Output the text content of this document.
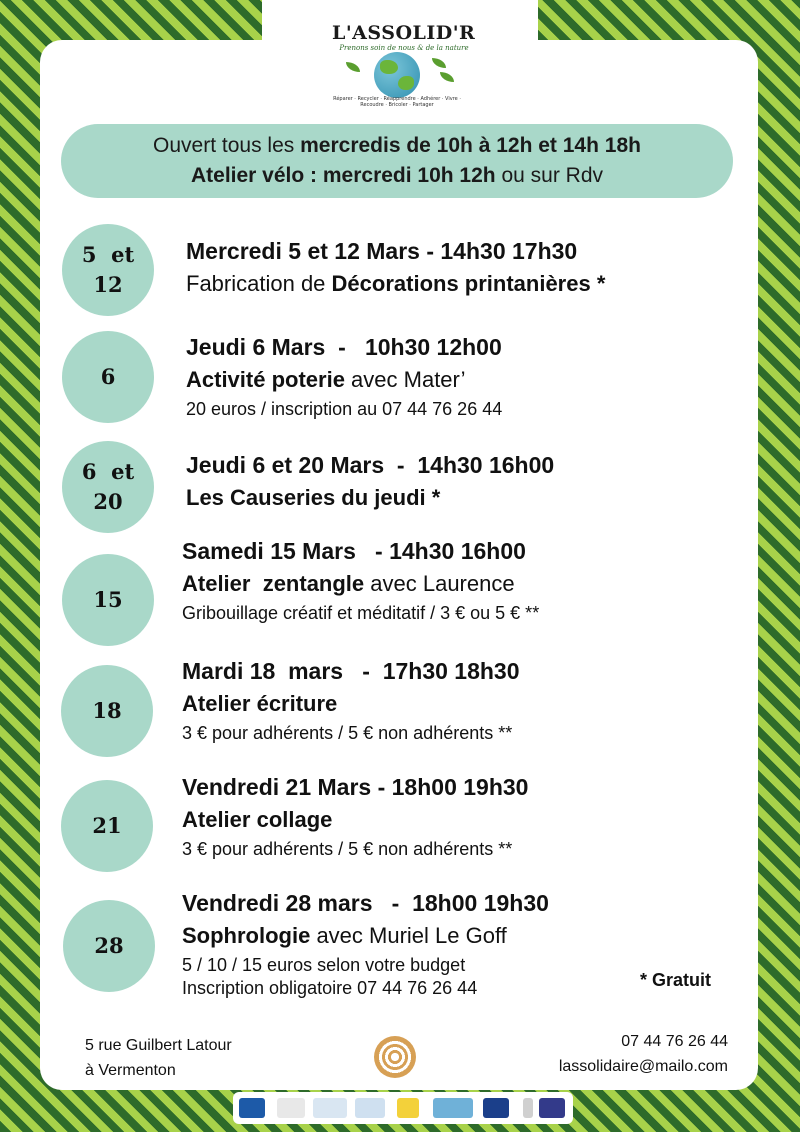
L'ASSOLID'R
Prenons soin de nous & de la nature
Réparer · Recycler · Réapprendre · Adhérer · Vivre · Recoudre · Bricoler · Partager
Ouvert tous les mercredis de 10h à 12h et 14h 18h
Atelier vélo : mercredi 10h 12h ou sur Rdv
5  et
12
Mercredi 5 et 12 Mars - 14h30 17h30
Fabrication de Décorations printanières *
6
Jeudi 6 Mars  -   10h30 12h00
Activité poterie avec Mater’
20 euros / inscription au 07 44 76 26 44
6  et
20
Jeudi 6 et 20 Mars  -  14h30 16h00
Les Causeries du jeudi *
15
Samedi 15 Mars   - 14h30 16h00
Atelier  zentangle avec Laurence
Gribouillage créatif et méditatif / 3 € ou 5 € **
18
Mardi 18  mars   -  17h30 18h30
Atelier écriture
3 € pour adhérents / 5 € non adhérents **
21
Vendredi 21 Mars - 18h00 19h30
Atelier collage
3 € pour adhérents / 5 € non adhérents **
28
Vendredi 28 mars   -  18h00 19h30
Sophrologie avec Muriel Le Goff
5 / 10 / 15 euros selon votre budget
Inscription obligatoire 07 44 76 26 44	* Gratuit
5 rue Guilbert Latour
à Vermenton
07 44 76 26 44
lassolidaire@mailo.com
